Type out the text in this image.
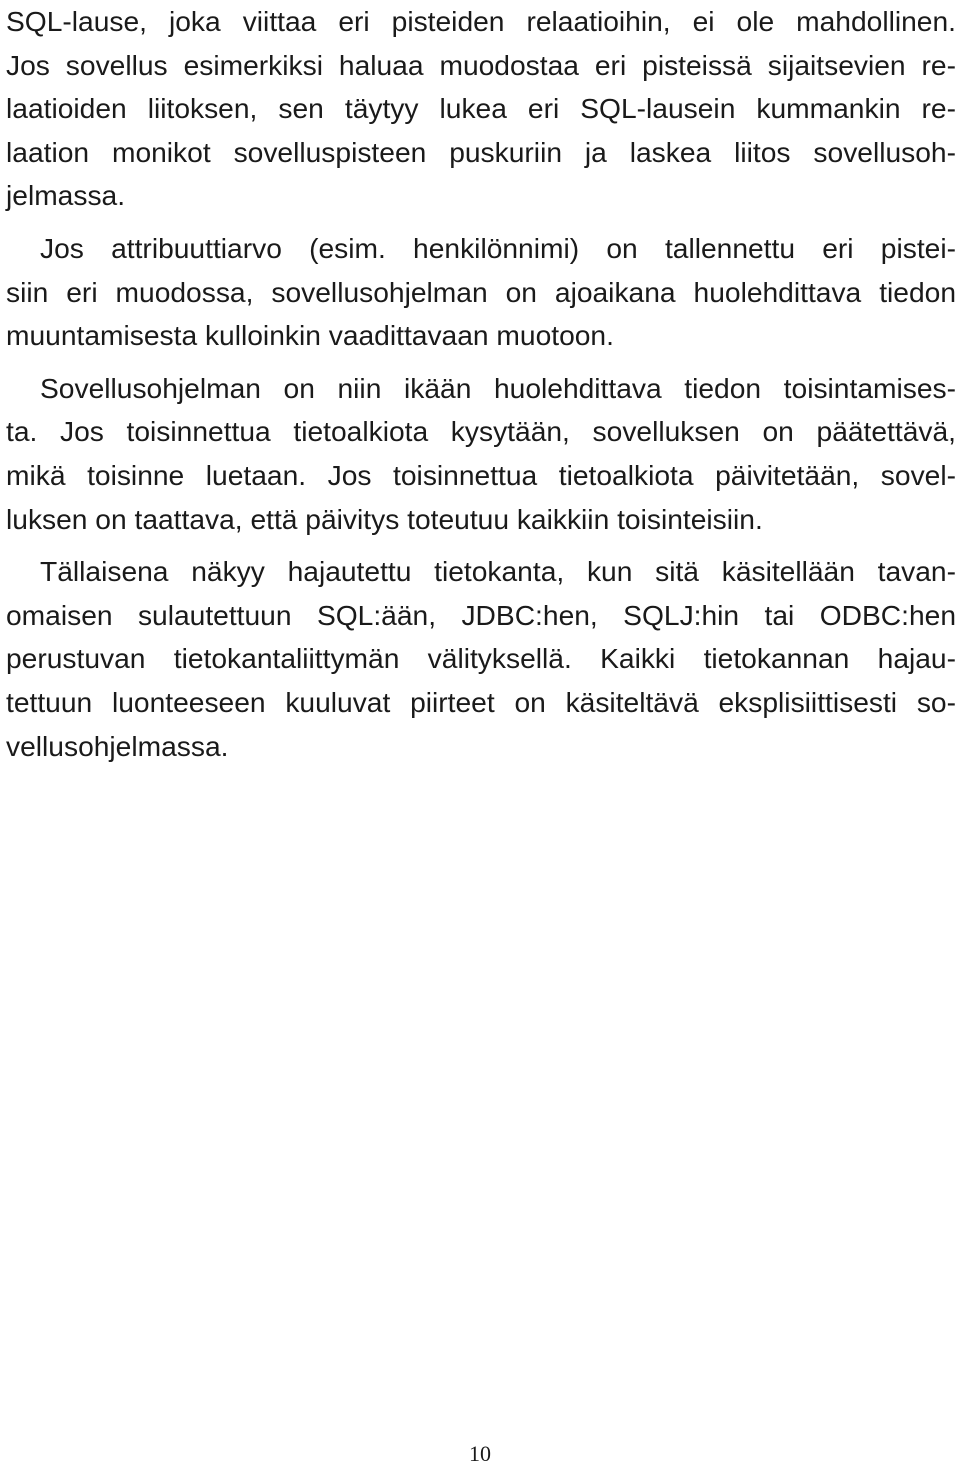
SQL-lause, joka viittaa eri pisteiden relaatioihin, ei ole mahdollinen.
Jos sovellus esimerkiksi haluaa muodostaa eri pisteissä sijaitsevien re-
laatioiden liitoksen, sen täytyy lukea eri SQL-lausein kummankin re-
laation monikot sovelluspisteen puskuriin ja laskea liitos sovellusoh-
jelmassa.

Jos attribuuttiarvo (esim. henkilönnimi) on tallennettu eri pistei-
siin eri muodossa, sovellusohjelman on ajoaikana huolehdittava tiedon
muuntamisesta kulloinkin vaadittavaan muotoon.

Sovellusohjelman on niin ikään huolehdittava tiedon toisintamises-
ta. Jos toisinnettua tietoalkiota kysytään, sovelluksen on päätettävä,
mikä toisinne luetaan. Jos toisinnettua tietoalkiota päivitetään, sovel-
luksen on taattava, että päivitys toteutuu kaikkiin toisinteisiin.

Tällaisena näkyy hajautettu tietokanta, kun sitä käsitellään tavan-
omaisen sulautettuun SQL:ään, JDBC:hen, SQLJ:hin tai ODBC:hen
perustuvan tietokantaliittymän välityksellä. Kaikki tietokannan hajau-
tettuun luonteeseen kuuluvat piirteet on käsiteltävä eksplisiittisesti so-
vellusohjelmassa.

10
